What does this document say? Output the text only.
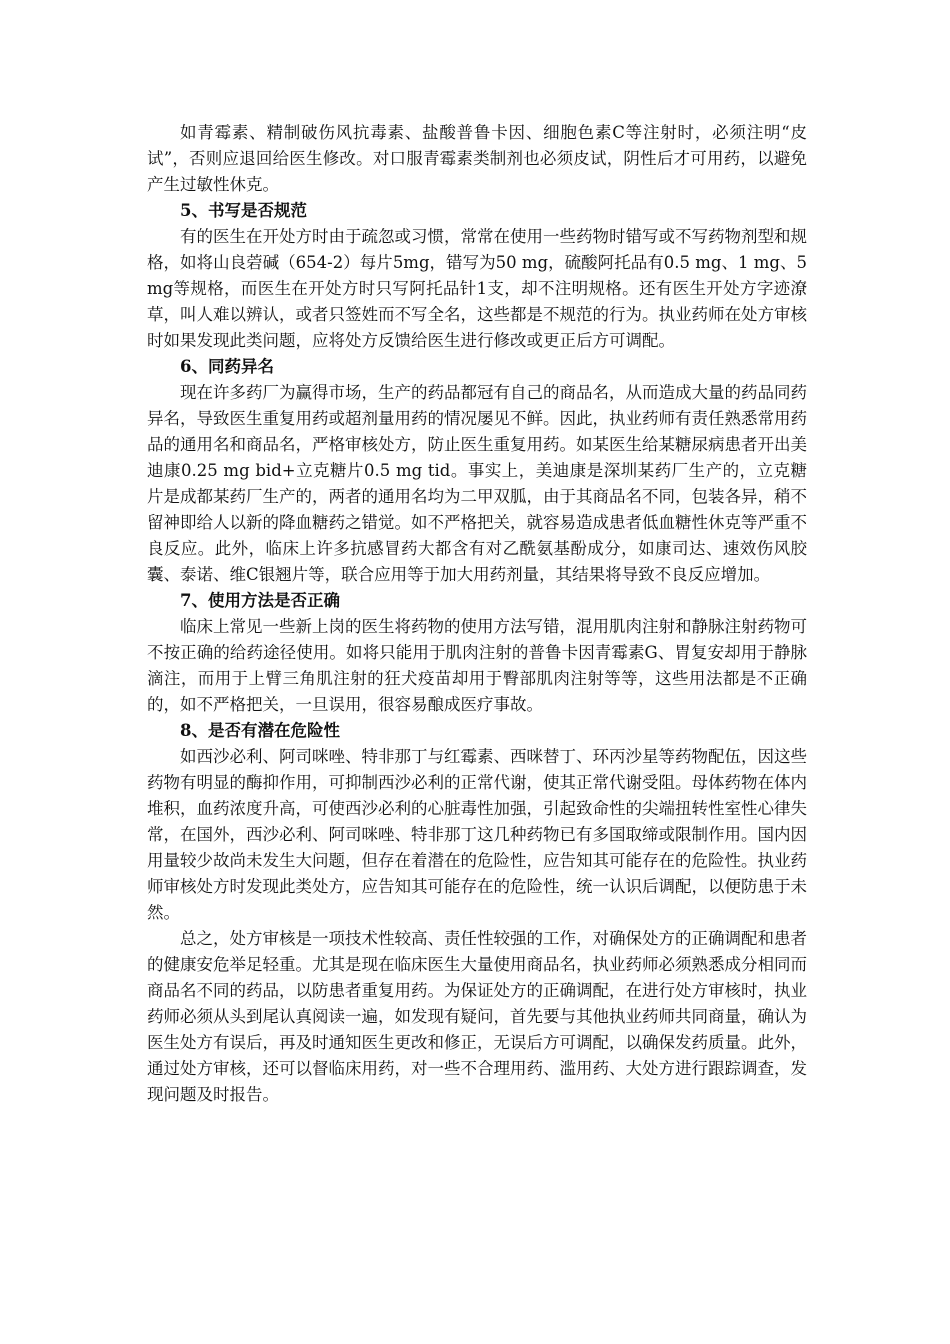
如青霉素、精制破伤风抗毒素、盐酸普鲁卡因、细胞色素C等注射时，必须注明“皮试”，否则应退回给医生修改。对口服青霉素类制剂也必须皮试，阴性后才可用药，以避免产生过敏性休克。

5、书写是否规范

有的医生在开处方时由于疏忽或习惯，常常在使用一些药物时错写或不写药物剂型和规格，如将山良菪碱（654-2）每片5mg，错写为50 mg，硫酸阿托品有0.5 mg、1 mg、5 mg等规格，而医生在开处方时只写阿托品针1支，却不注明规格。还有医生开处方字迹潦草，叫人难以辨认，或者只签姓而不写全名，这些都是不规范的行为。执业药师在处方审核时如果发现此类问题，应将处方反馈给医生进行修改或更正后方可调配。

6、同药异名

现在许多药厂为赢得市场，生产的药品都冠有自己的商品名，从而造成大量的药品同药异名，导致医生重复用药或超剂量用药的情况屡见不鲜。因此，执业药师有责任熟悉常用药品的通用名和商品名，严格审核处方，防止医生重复用药。如某医生给某糖尿病患者开出美迪康0.25 mg bid+立克糖片0.5 mg tid。事实上，美迪康是深圳某药厂生产的，立克糖片是成都某药厂生产的，两者的通用名均为二甲双胍，由于其商品名不同，包装各异，稍不留神即给人以新的降血糖药之错觉。如不严格把关，就容易造成患者低血糖性休克等严重不良反应。此外，临床上许多抗感冒药大都含有对乙酰氨基酚成分，如康司达、速效伤风胶囊、泰诺、维C银翘片等，联合应用等于加大用药剂量，其结果将导致不良反应增加。

7、使用方法是否正确

临床上常见一些新上岗的医生将药物的使用方法写错，混用肌肉注射和静脉注射药物可不按正确的给药途径使用。如将只能用于肌肉注射的普鲁卡因青霉素G、胃复安却用于静脉滴注，而用于上臂三角肌注射的狂犬疫苗却用于臀部肌肉注射等等，这些用法都是不正确的，如不严格把关，一旦误用，很容易酿成医疗事故。

8、是否有潜在危险性

如西沙必利、阿司咪唑、特非那丁与红霉素、西咪替丁、环丙沙星等药物配伍，因这些药物有明显的酶抑作用，可抑制西沙必利的正常代谢，使其正常代谢受阻。母体药物在体内堆积，血药浓度升高，可使西沙必利的心脏毒性加强，引起致命性的尖端扭转性室性心律失常，在国外，西沙必利、阿司咪唑、特非那丁这几种药物已有多国取缔或限制作用。国内因用量较少故尚未发生大问题，但存在着潜在的危险性，应告知其可能存在的危险性。执业药师审核处方时发现此类处方，应告知其可能存在的危险性，统一认识后调配，以便防患于未然。

总之，处方审核是一项技术性较高、责任性较强的工作，对确保处方的正确调配和患者的健康安危举足轻重。尤其是现在临床医生大量使用商品名，执业药师必须熟悉成分相同而商品名不同的药品，以防患者重复用药。为保证处方的正确调配，在进行处方审核时，执业药师必须从头到尾认真阅读一遍，如发现有疑问，首先要与其他执业药师共同商量，确认为医生处方有误后，再及时通知医生更改和修正，无误后方可调配，以确保发药质量。此外，通过处方审核，还可以督临床用药，对一些不合理用药、滥用药、大处方进行跟踪调查，发现问题及时报告。
